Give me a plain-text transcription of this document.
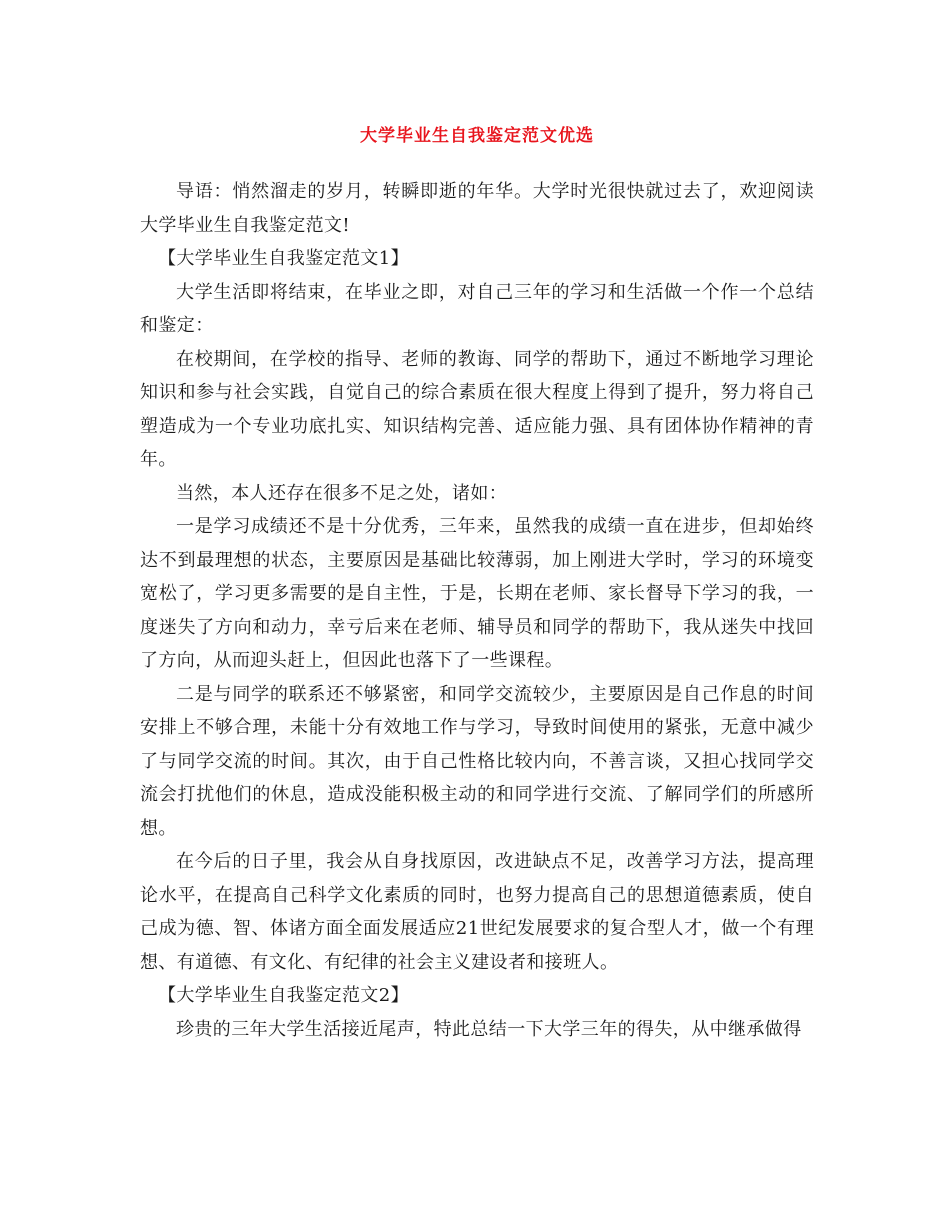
大学毕业生自我鉴定范文优选

导语：悄然溜走的岁月，转瞬即逝的年华。大学时光很快就过去了，欢迎阅读大学毕业生自我鉴定范文!

【大学毕业生自我鉴定范文1】

大学生活即将结束，在毕业之即，对自己三年的学习和生活做一个作一个总结和鉴定：

在校期间，在学校的指导、老师的教诲、同学的帮助下，通过不断地学习理论知识和参与社会实践，自觉自己的综合素质在很大程度上得到了提升，努力将自己塑造成为一个专业功底扎实、知识结构完善、适应能力强、具有团体协作精神的青年。

当然，本人还存在很多不足之处，诸如：

一是学习成绩还不是十分优秀，三年来，虽然我的成绩一直在进步，但却始终达不到最理想的状态，主要原因是基础比较薄弱，加上刚进大学时，学习的环境变宽松了，学习更多需要的是自主性，于是，长期在老师、家长督导下学习的我，一度迷失了方向和动力，幸亏后来在老师、辅导员和同学的帮助下，我从迷失中找回了方向，从而迎头赶上，但因此也落下了一些课程。

二是与同学的联系还不够紧密，和同学交流较少，主要原因是自己作息的时间安排上不够合理，未能十分有效地工作与学习，导致时间使用的紧张，无意中减少了与同学交流的时间。其次，由于自己性格比较内向，不善言谈，又担心找同学交流会打扰他们的休息，造成没能积极主动的和同学进行交流、了解同学们的所感所想。

在今后的日子里，我会从自身找原因，改进缺点不足，改善学习方法，提高理论水平，在提高自己科学文化素质的同时，也努力提高自己的思想道德素质，使自己成为德、智、体诸方面全面发展适应21世纪发展要求的复合型人才，做一个有理想、有道德、有文化、有纪律的社会主义建设者和接班人。

【大学毕业生自我鉴定范文2】

珍贵的三年大学生活接近尾声，特此总结一下大学三年的得失，从中继承做得
